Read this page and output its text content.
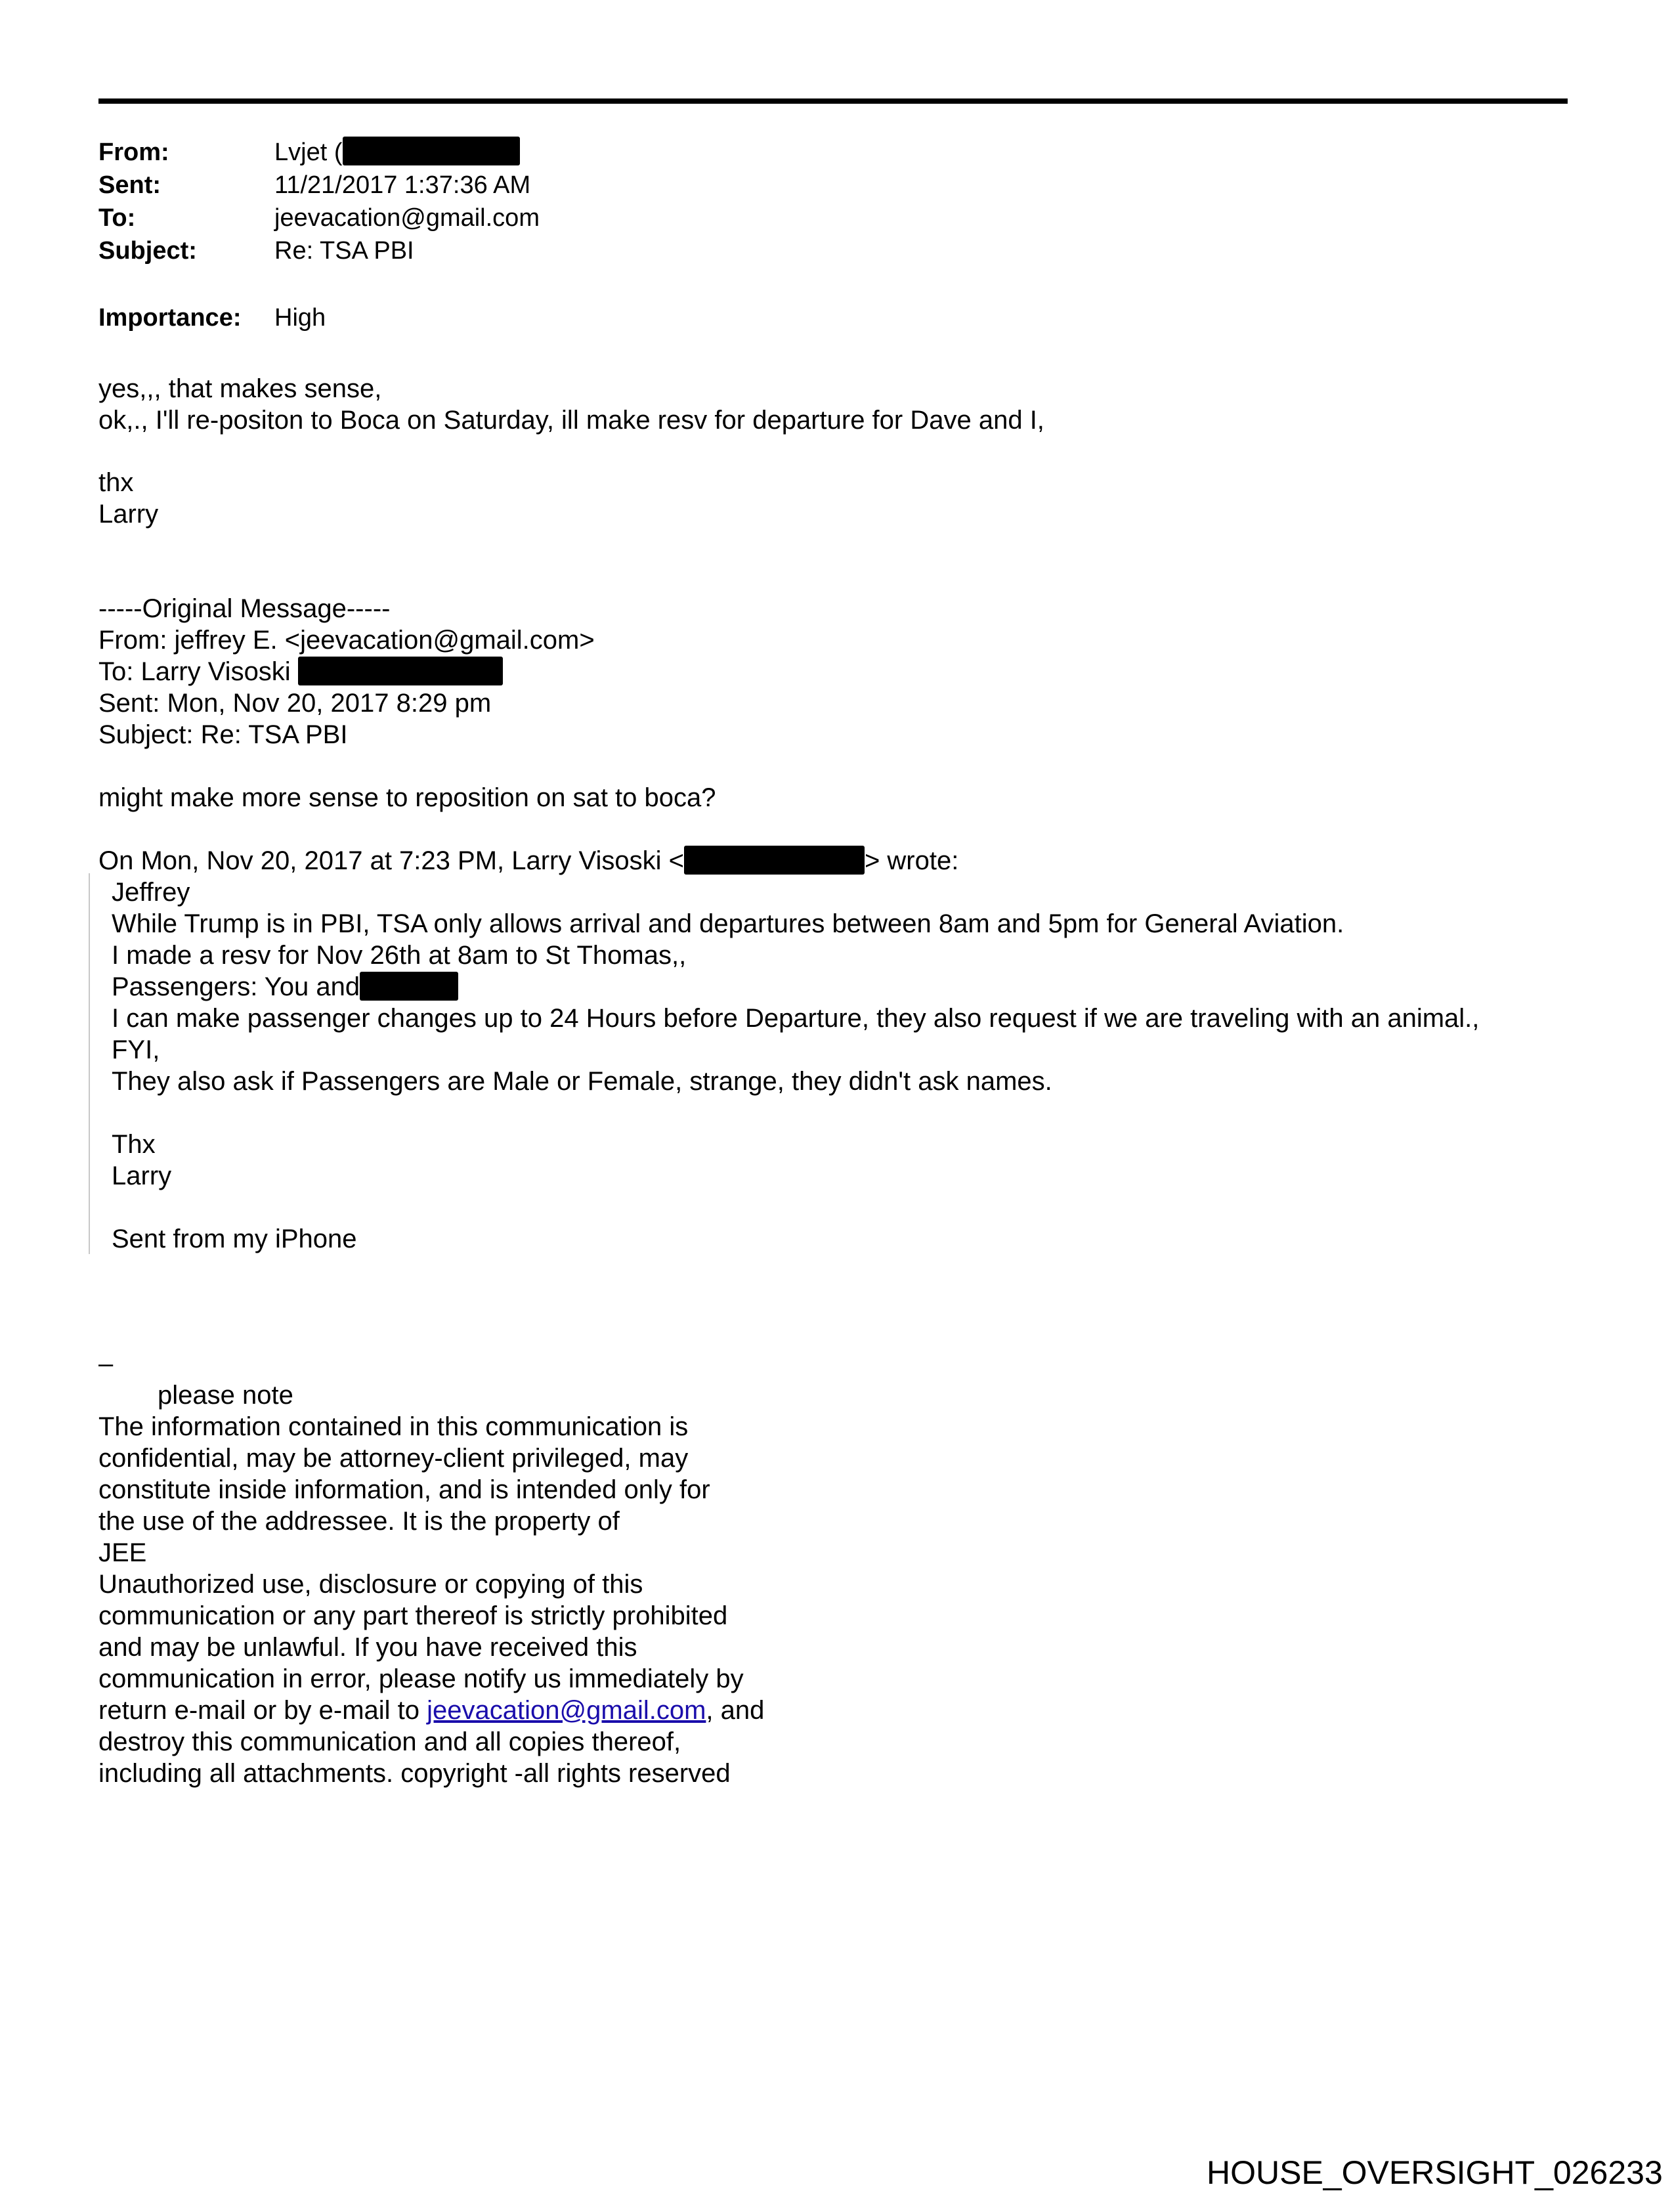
From:	Lvjet (
Sent:	11/21/2017 1:37:36 AM
To:	jeevacation@gmail.com
Subject:	Re: TSA PBI
Importance: High
yes,,, that makes sense,
ok,., I'll re-positon to Boca on Saturday, ill make resv for departure for Dave and I,
thx
Larry
-----Original Message-----
From: jeffrey E. <jeevacation@gmail.com>
To: Larry Visoski
Sent: Mon, Nov 20, 2017 8:29 pm
Subject: Re: TSA PBI
might make more sense to reposition on sat to boca?
On Mon, Nov 20, 2017 at 7:23 PM, Larry Visoski <	> wrote:
Jeffrey
While Trump is in PBI, TSA only allows arrival and departures between 8am and 5pm for General Aviation.
I made a resv for Nov 26th at 8am to St Thomas,,
Passengers: You and
I can make passenger changes up to 24 Hours before Departure, they also request if we are traveling with an animal.,
FYI,
They also ask if Passengers are Male or Female, strange, they didn't ask names.
Thx
Larry
Sent from my iPhone
–
please note
The information contained in this communication is
confidential, may be attorney-client privileged, may
constitute inside information, and is intended only for
the use of the addressee. It is the property of
JEE
Unauthorized use, disclosure or copying of this
communication or any part thereof is strictly prohibited
and may be unlawful. If you have received this
communication in error, please notify us immediately by
return e-mail or by e-mail to jeevacation@gmail.com, and
destroy this communication and all copies thereof,
including all attachments. copyright -all rights reserved
HOUSE_OVERSIGHT_026233
